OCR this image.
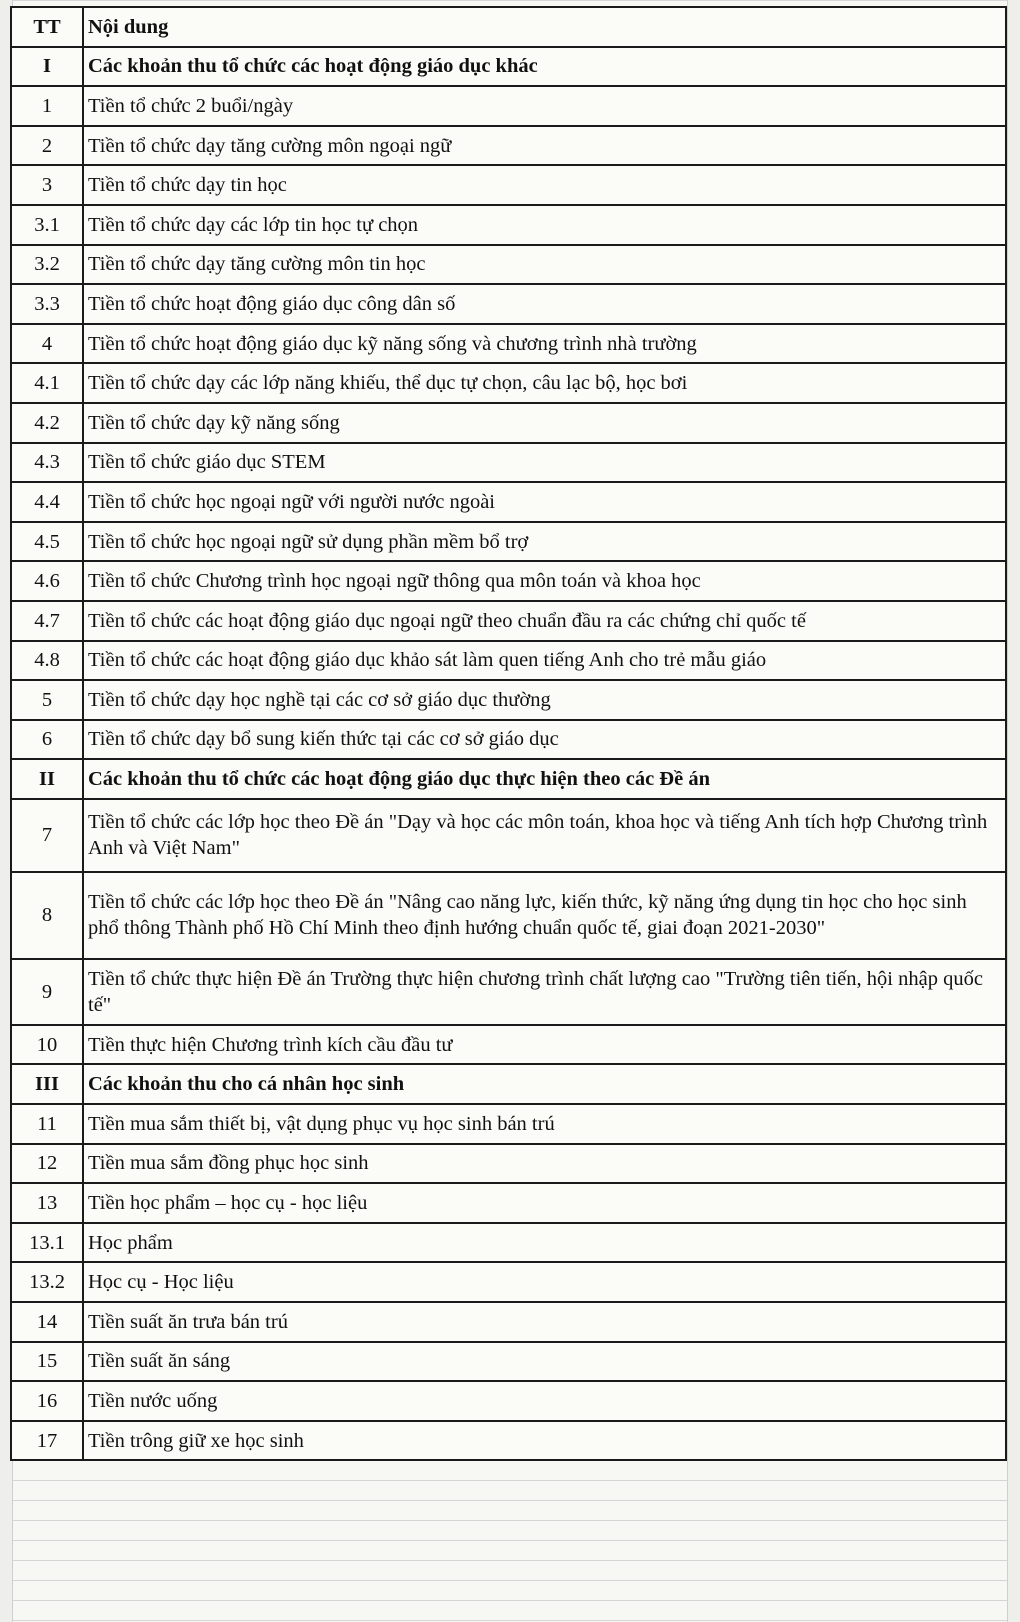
TT	Nội dung
I	Các khoản thu tổ chức các hoạt động giáo dục khác
1	Tiền tổ chức 2 buổi/ngày
2	Tiền tổ chức dạy tăng cường môn ngoại ngữ
3	Tiền tổ chức dạy tin học
3.1	Tiền tổ chức dạy các lớp tin học tự chọn
3.2	Tiền tổ chức dạy tăng cường môn tin học
3.3	Tiền tổ chức hoạt động giáo dục công dân số
4	Tiền tổ chức hoạt động giáo dục kỹ năng sống và chương trình nhà trường
4.1	Tiền tổ chức dạy các lớp năng khiếu, thể dục tự chọn, câu lạc bộ, học bơi
4.2	Tiền tổ chức dạy kỹ năng sống
4.3	Tiền tổ chức giáo dục STEM
4.4	Tiền tổ chức học ngoại ngữ với người nước ngoài
4.5	Tiền tổ chức học ngoại ngữ sử dụng phần mềm bổ trợ
4.6	Tiền tổ chức Chương trình học ngoại ngữ thông qua môn toán và khoa học
4.7	Tiền tổ chức các hoạt động giáo dục ngoại ngữ theo chuẩn đầu ra các chứng chỉ quốc tế
4.8	Tiền tổ chức các hoạt động giáo dục khảo sát làm quen tiếng Anh cho trẻ mẫu giáo
5	Tiền tổ chức dạy học nghề tại các cơ sở giáo dục thường
6	Tiền tổ chức dạy bổ sung kiến thức tại các cơ sở giáo dục
II	Các khoản thu tổ chức các hoạt động giáo dục thực hiện theo các Đề án
7	Tiền tổ chức các lớp học theo Đề án "Dạy và học các môn toán, khoa học và tiếng Anh tích hợp Chương trình Anh và Việt Nam"
8	Tiền tổ chức các lớp học theo Đề án "Nâng cao năng lực, kiến thức, kỹ năng ứng dụng tin học cho học sinh phổ thông Thành phố Hồ Chí Minh theo định hướng chuẩn quốc tế, giai đoạn 2021-2030"
9	Tiền tổ chức thực hiện Đề án Trường thực hiện chương trình chất lượng cao "Trường tiên tiến, hội nhập quốc tế"
10	Tiền thực hiện Chương trình kích cầu đầu tư
III	Các khoản thu cho cá nhân học sinh
11	Tiền mua sắm thiết bị, vật dụng phục vụ học sinh bán trú
12	Tiền mua sắm đồng phục học sinh
13	Tiền học phẩm – học cụ - học liệu
13.1	Học phẩm
13.2	Học cụ - Học liệu
14	Tiền suất ăn trưa bán trú
15	Tiền suất ăn sáng
16	Tiền nước uống
17	Tiền trông giữ xe học sinh
